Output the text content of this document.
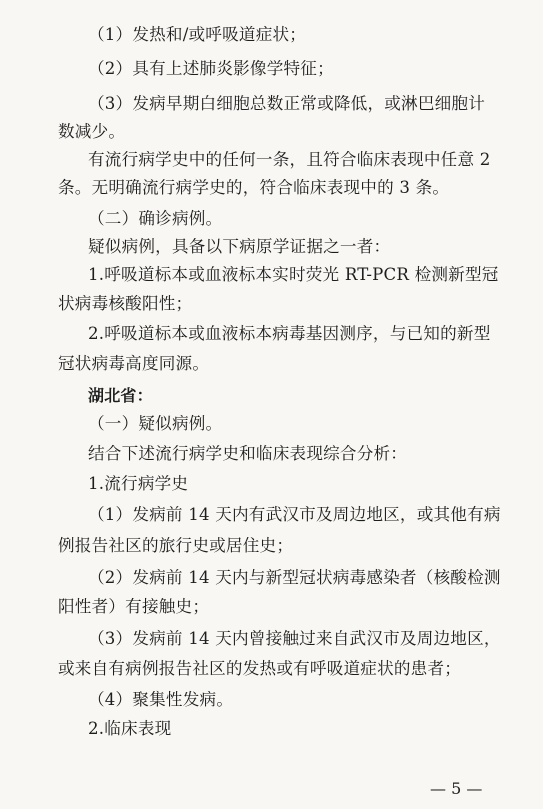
（1）发热和/或呼吸道症状；
（2）具有上述肺炎影像学特征；
（3）发病早期白细胞总数正常或降低，或淋巴细胞计
数减少。
有流行病学史中的任何一条，且符合临床表现中任意 2
条。无明确流行病学史的，符合临床表现中的 3 条。
（二）确诊病例。
疑似病例，具备以下病原学证据之一者：
1.呼吸道标本或血液标本实时荧光 RT-PCR 检测新型冠
状病毒核酸阳性；
2.呼吸道标本或血液标本病毒基因测序，与已知的新型
冠状病毒高度同源。
湖北省：
（一）疑似病例。
结合下述流行病学史和临床表现综合分析：
1.流行病学史
（1）发病前 14 天内有武汉市及周边地区，或其他有病
例报告社区的旅行史或居住史；
（2）发病前 14 天内与新型冠状病毒感染者（核酸检测
阳性者）有接触史；
（3）发病前 14 天内曾接触过来自武汉市及周边地区，
或来自有病例报告社区的发热或有呼吸道症状的患者；
（4）聚集性发病。
2.临床表现
— 5 —
